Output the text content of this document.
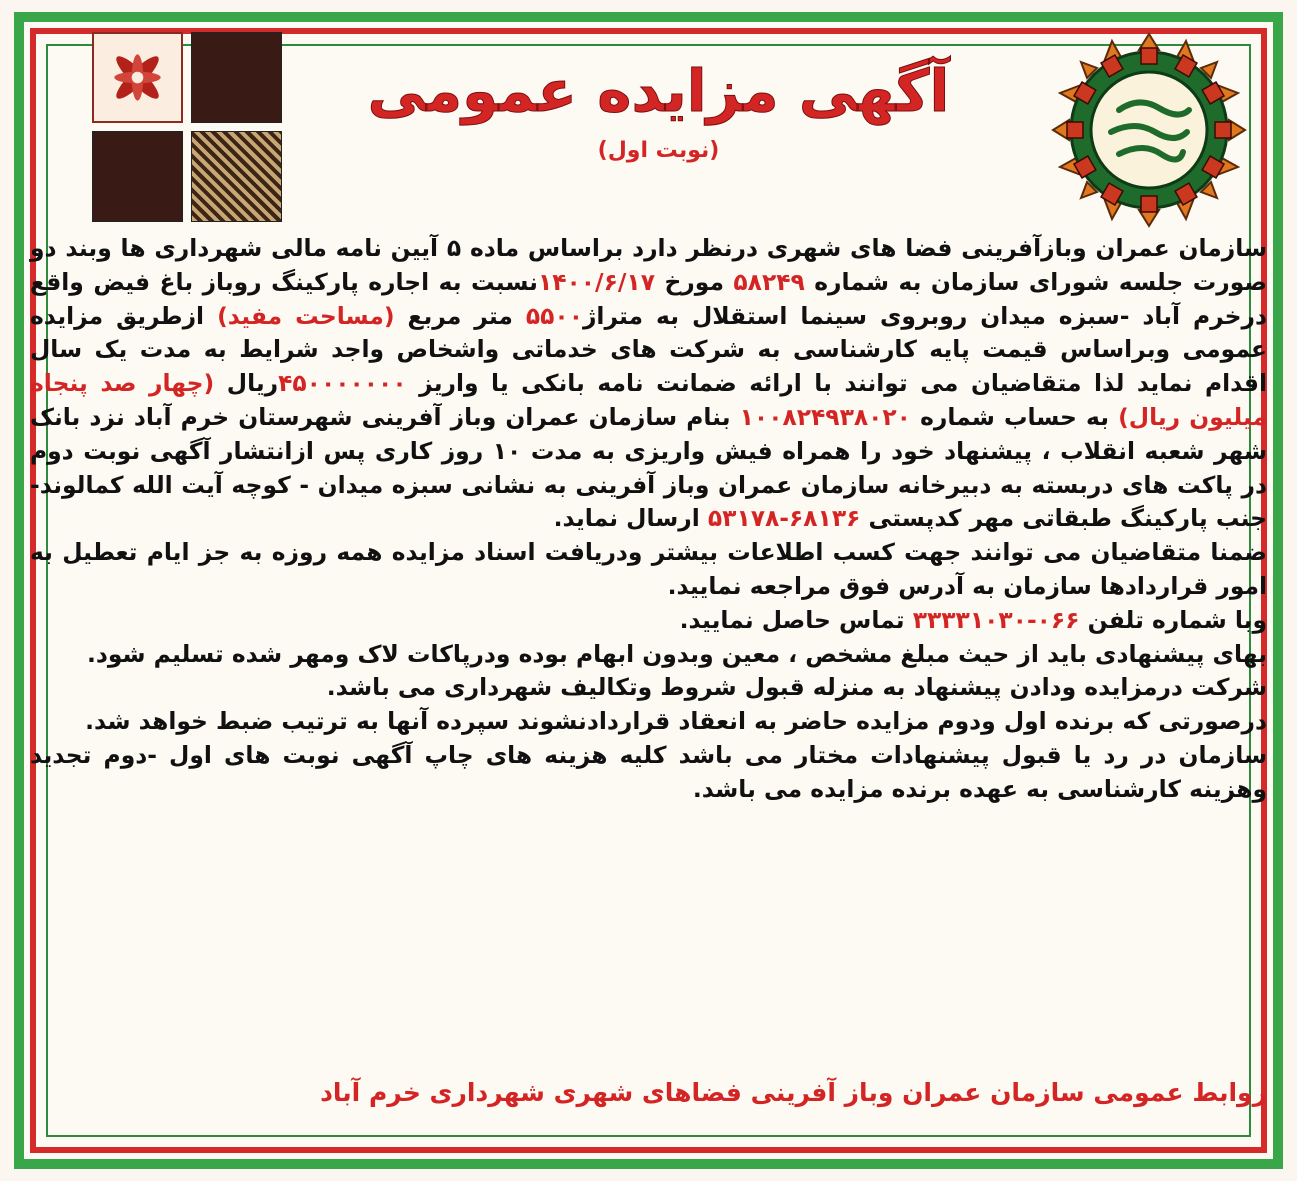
آگهی مزایده عمومی
(نوبت اول)

سازمان عمران وبازآفرینی فضا های شهری درنظر دارد براساس ماده ۵ آیین نامه مالی شهرداری ها وبند دو صورت جلسه شورای سازمان به شماره ۵۸۲۴۹ مورخ ۱۴۰۰/۶/۱۷نسبت به اجاره پارکینگ روباز باغ فیض واقع درخرم آباد -سبزه میدان روبروی سینما استقلال به متراژ۵۵۰۰ متر مربع (مساحت مفید) ازطریق مزایده عمومی وبراساس قیمت پایه کارشناسی به شرکت های خدماتی واشخاص واجد شرایط به مدت یک سال اقدام نماید لذا متقاضیان می توانند با ارائه ضمانت نامه بانکی یا واریز ۴۵۰۰۰۰۰۰۰ریال (چهار صد پنجاه میلیون ریال) به حساب شماره ۱۰۰۸۲۴۹۳۸۰۲۰ بنام سازمان عمران وباز آفرینی شهرستان خرم آباد نزد بانک شهر شعبه انقلاب ، پیشنهاد خود را همراه فیش واریزی به مدت ۱۰ روز کاری پس ازانتشار آگهی نوبت دوم در پاکت های دربسته به دبیرخانه سازمان عمران وباز آفرینی به نشانی سبزه میدان - کوچه آیت الله کمالوند- جنب پارکینگ طبقاتی مهر کدپستی ۶۸۱۳۶-۵۳۱۷۸ ارسال نماید.

ضمنا متقاضیان می توانند جهت کسب اطلاعات بیشتر ودریافت اسناد مزایده همه روزه به جز ایام تعطیل به امور قراردادها سازمان به آدرس فوق مراجعه نمایید.

وبا شماره تلفن ۰۶۶-۳۳۳۳۱۰۳۰ تماس حاصل نمایید.

بهای پیشنهادی باید از حیث مبلغ مشخص ، معین وبدون ابهام بوده ودرپاکات لاک ومهر شده تسلیم شود.

شرکت درمزایده ودادن پیشنهاد به منزله قبول شروط وتکالیف شهرداری می باشد.

درصورتی که برنده اول ودوم مزایده حاضر به انعقاد قراردادنشوند سپرده آنها به ترتیب ضبط خواهد شد.

سازمان در رد یا قبول پیشنهادات مختار می باشد کلیه هزینه های چاپ آگهی نوبت های اول -دوم تجدید وهزینه کارشناسی به عهده برنده مزایده می باشد.

روابط عمومی سازمان عمران وباز آفرینی فضاهای شهری شهرداری خرم آباد
